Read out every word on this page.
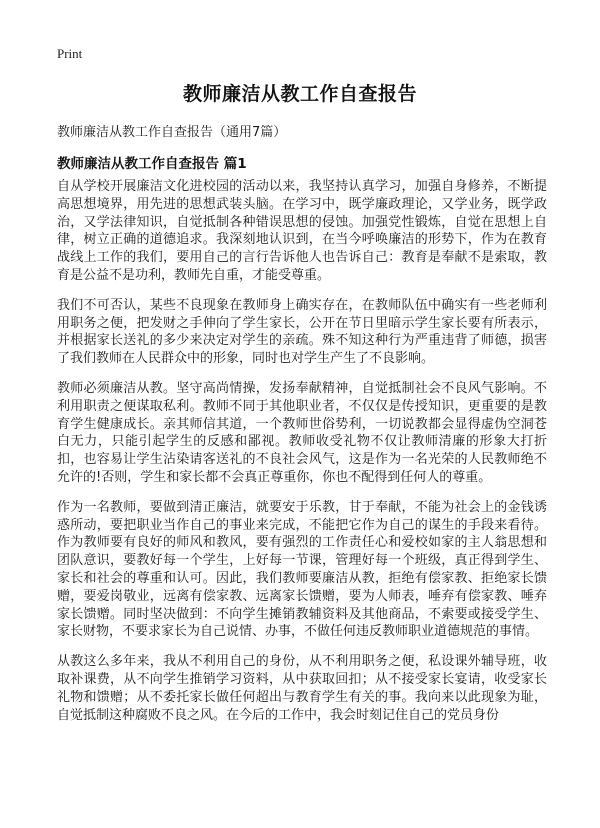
Print
教师廉洁从教工作自查报告
教师廉洁从教工作自查报告（通用7篇）
教师廉洁从教工作自查报告 篇1

自从学校开展廉洁文化进校园的活动以来，我坚持认真学习，加强自身修养，不断提高思想境界，用先进的思想武装头脑。在学习中，既学廉政理论，又学业务，既学政治，又学法律知识，自觉抵制各种错误思想的侵蚀。加强党性锻炼，自觉在思想上自律，树立正确的道德追求。我深刻地认识到，在当今呼唤廉洁的形势下，作为在教育战线上工作的我们，要用自己的言行告诉他人也告诉自己：教育是奉献不是索取，教育是公益不是功利，教师先自重，才能受尊重。

我们不可否认，某些不良现象在教师身上确实存在，在教师队伍中确实有一些老师利用职务之便，把发财之手伸向了学生家长，公开在节日里暗示学生家长要有所表示，并根据家长送礼的多少来决定对学生的亲疏。殊不知这种行为严重违背了师德，损害了我们教师在人民群众中的形象，同时也对学生产生了不良影响。

教师必须廉洁从教。坚守高尚情操，发扬奉献精神，自觉抵制社会不良风气影响。不利用职责之便谋取私利。教师不同于其他职业者，不仅仅是传授知识，更重要的是教育学生健康成长。亲其师信其道，一个教师世俗势利，一切说教都会显得虚伪空洞苍白无力，只能引起学生的反感和鄙视。教师收受礼物不仅让教师清廉的形象大打折扣，也容易让学生沾染请客送礼的不良社会风气，这是作为一名光荣的人民教师绝不允许的!否则，学生和家长都不会真正尊重你，你也不配得到任何人的尊重。

作为一名教师，要做到清正廉洁，就要安于乐教，甘于奉献，不能为社会上的金钱诱惑所动，要把职业当作自己的事业来完成，不能把它作为自己的谋生的手段来看待。作为教师要有良好的师风和教风，要有强烈的工作责任心和爱校如家的主人翁思想和团队意识，要教好每一个学生，上好每一节课，管理好每一个班级，真正得到学生、家长和社会的尊重和认可。因此，我们教师要廉洁从教，拒绝有偿家教、拒绝家长馈赠，要爱岗敬业，远离有偿家教、远离家长馈赠，要为人师表，唾弃有偿家教、唾弃家长馈赠。同时坚决做到：不向学生摊销教辅资料及其他商品，不索要或接受学生、家长财物，不要求家长为自己说情、办事，不做任何违反教师职业道德规范的事情。

从教这么多年来，我从不利用自己的身份，从不利用职务之便，私设课外辅导班，收取补课费，从不向学生推销学习资料，从中获取回扣；从不接受家长宴请，收受家长礼物和馈赠；从不委托家长做任何超出与教育学生有关的事。我向来以此现象为耻，自觉抵制这种腐败不良之风。在今后的工作中，我会时刻记住自己的党员身份
